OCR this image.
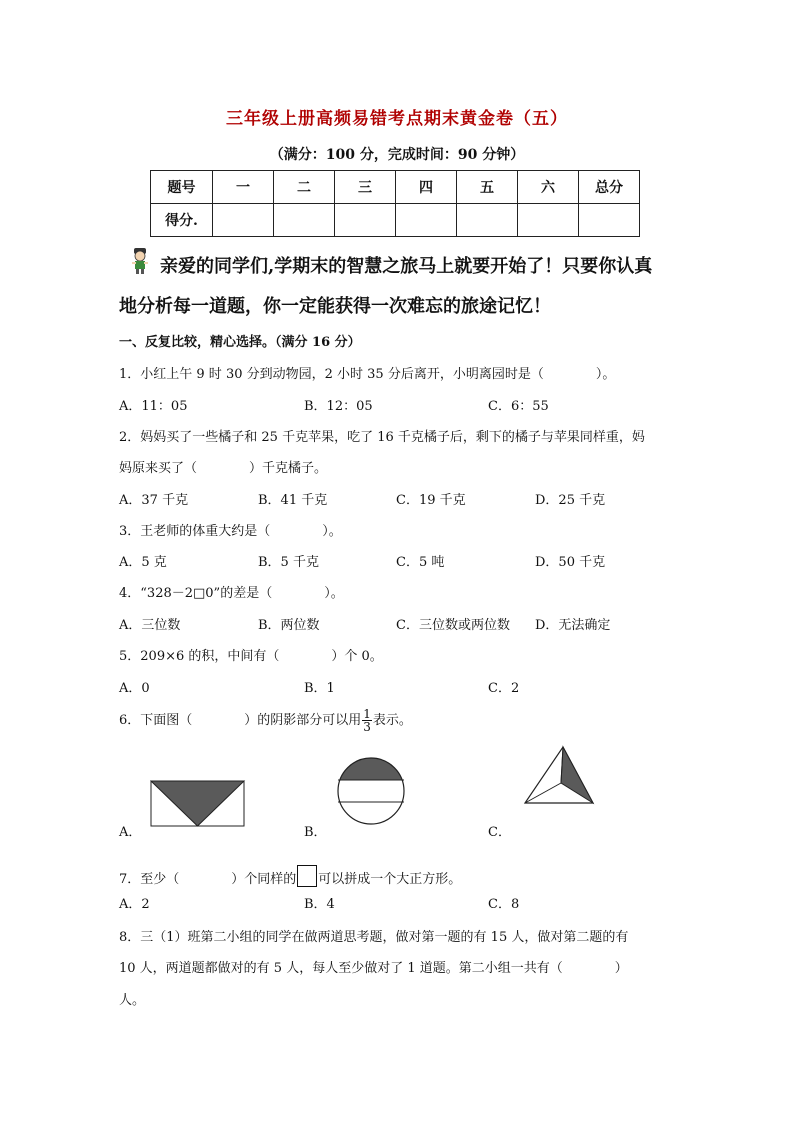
三年级上册高频易错考点期末黄金卷（五）
（满分：100 分，完成时间：90 分钟）
题号	一	二	三	四	五	六	总分
得分.							
亲爱的同学们,学期末的智慧之旅马上就要开始了！只要你认真
地分析每一道题，你一定能获得一次难忘的旅途记忆！
一、反复比较，精心选择。（满分 16 分）
1．小红上午 9 时 30 分到动物园，2 小时 35 分后离开，小明离园时是（　　　　）。
A．11：05	B．12：05	C．6：55
2．妈妈买了一些橘子和 25 千克苹果，吃了 16 千克橘子后，剩下的橘子与苹果同样重，妈
妈原来买了（　　　　）千克橘子。
A．37 千克	B．41 千克	C．19 千克	D．25 千克
3．王老师的体重大约是（　　　　）。
A．5 克	B．5 千克	C．5 吨	D．50 千克
4．“328－2□0”的差是（　　　　）。
A．三位数	B．两位数	C．三位数或两位数 D．无法确定
5．209×6 的积，中间有（　　　　）个 0。
A．0	B．1	C．2
6．下面图（　　　　）的阴影部分可以用 $\frac{1}{3}$ 表示。
A．	B．	C．
7．至少（　　　　）个同样的 可以拼成一个大正方形。
A．2	B．4	C．8
8．三（1）班第二小组的同学在做两道思考题，做对第一题的有 15 人，做对第二题的有
10 人，两道题都做对的有 5 人，每人至少做对了 1 道题。第二小组一共有（　　　　）
人。
